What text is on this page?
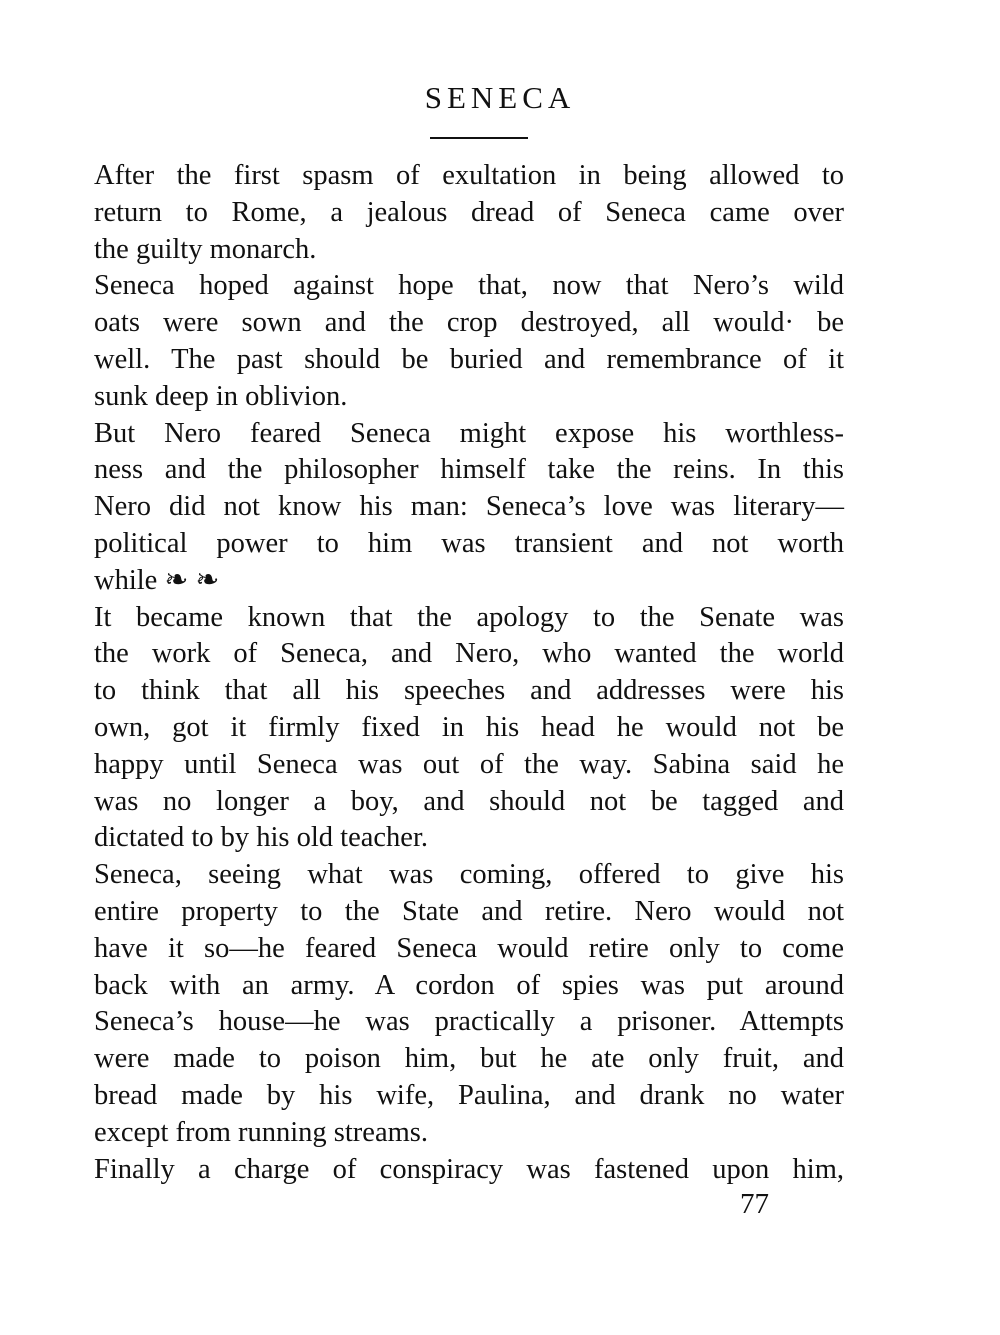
SENECA
After the first spasm of exultation in being allowed to
return to Rome, a jealous dread of Seneca came over
the guilty monarch.
Seneca hoped against hope that, now that Nero’s wild
oats were sown and the crop destroyed, all would· be
well. The past should be buried and remembrance of it
sunk deep in oblivion.
But Nero feared Seneca might expose his worthless-
ness and the philosopher himself take the reins. In this
Nero did not know his man: Seneca’s love was literary—
political power to him was transient and not worth
while ❧ ❧
It became known that the apology to the Senate was
the work of Seneca, and Nero, who wanted the world
to think that all his speeches and addresses were his
own, got it firmly fixed in his head he would not be
happy until Seneca was out of the way. Sabina said he
was no longer a boy, and should not be tagged and
dictated to by his old teacher.
Seneca, seeing what was coming, offered to give his
entire property to the State and retire. Nero would not
have it so—he feared Seneca would retire only to come
back with an army. A cordon of spies was put around
Seneca’s house—he was practically a prisoner. Attempts
were made to poison him, but he ate only fruit, and
bread made by his wife, Paulina, and drank no water
except from running streams.
Finally a charge of conspiracy was fastened upon him,
77
